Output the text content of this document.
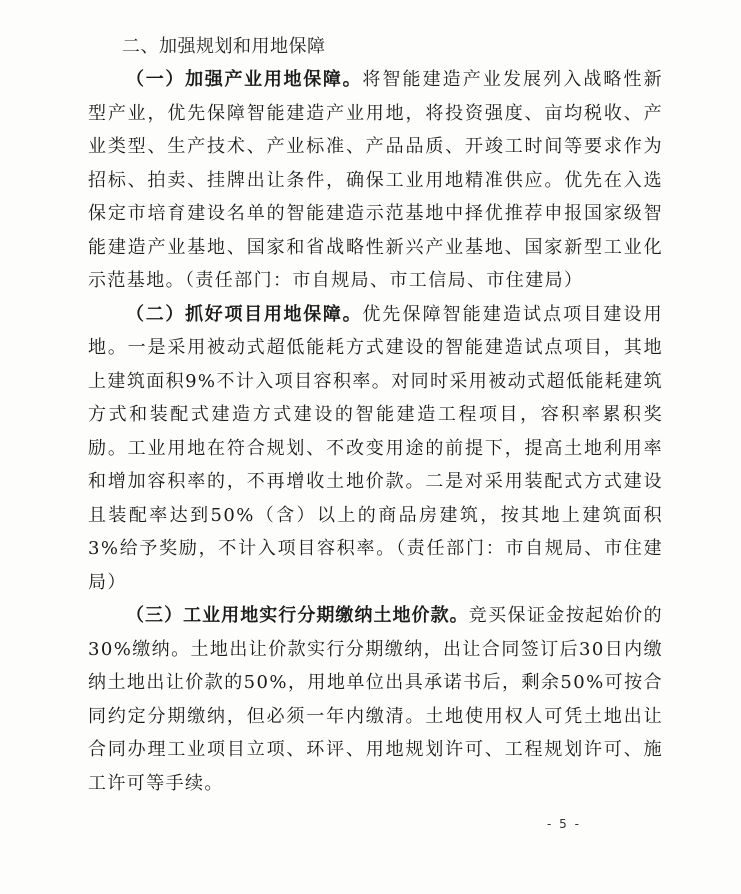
二、加强规划和用地保障

（一）加强产业用地保障。将智能建造产业发展列入战略性新型产业，优先保障智能建造产业用地，将投资强度、亩均税收、产业类型、生产技术、产业标准、产品品质、开竣工时间等要求作为招标、拍卖、挂牌出让条件，确保工业用地精准供应。优先在入选保定市培育建设名单的智能建造示范基地中择优推荐申报国家级智能建造产业基地、国家和省战略性新兴产业基地、国家新型工业化示范基地。（责任部门：市自规局、市工信局、市住建局）

（二）抓好项目用地保障。优先保障智能建造试点项目建设用地。一是采用被动式超低能耗方式建设的智能建造试点项目，其地上建筑面积9%不计入项目容积率。对同时采用被动式超低能耗建筑方式和装配式建造方式建设的智能建造工程项目，容积率累积奖励。工业用地在符合规划、不改变用途的前提下，提高土地利用率和增加容积率的，不再增收土地价款。二是对采用装配式方式建设且装配率达到50%（含）以上的商品房建筑，按其地上建筑面积3%给予奖励，不计入项目容积率。（责任部门：市自规局、市住建局）

（三）工业用地实行分期缴纳土地价款。竞买保证金按起始价的30%缴纳。土地出让价款实行分期缴纳，出让合同签订后30日内缴纳土地出让价款的50%，用地单位出具承诺书后，剩余50%可按合同约定分期缴纳，但必须一年内缴清。土地使用权人可凭土地出让合同办理工业项目立项、环评、用地规划许可、工程规划许可、施工许可等手续。

- 5 -
